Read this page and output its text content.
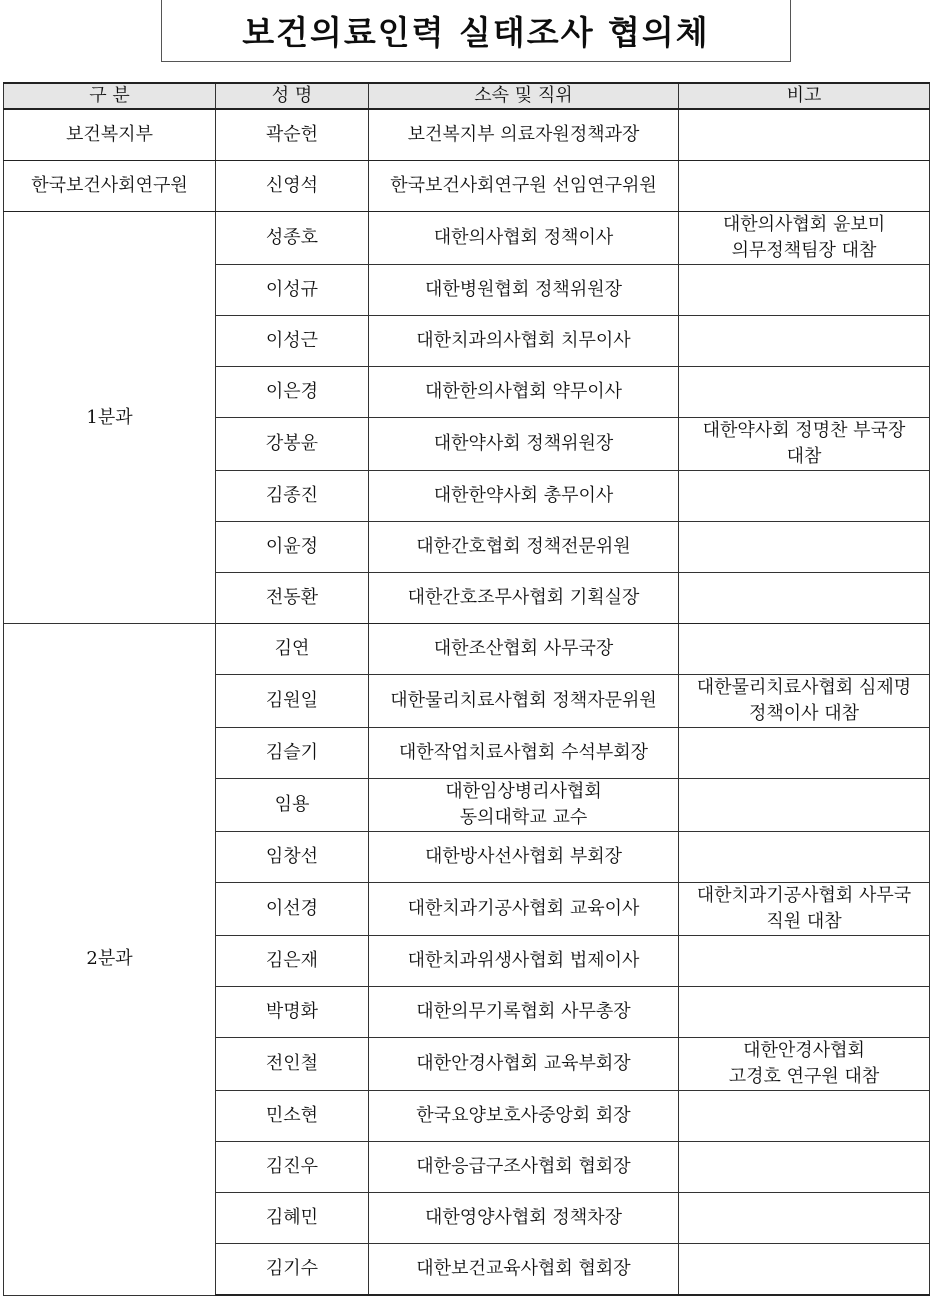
보건의료인력 실태조사 협의체
구 분	성 명	소속 및 직위	비고
보건복지부	곽순헌	보건복지부 의료자원정책과장	

한국보건사회연구원	신영석	한국보건사회연구원 선임연구위원	

1분과	성종호	대한의사협회 정책이사	대한의사협회 윤보미
의무정책팀장 대참

	이성규	대한병원협회 정책위원장	

	이성근	대한치과의사협회 치무이사	

	이은경	대한한의사협회 약무이사	

	강봉윤	대한약사회 정책위원장	대한약사회 정명찬 부국장
대참

	김종진	대한한약사회 총무이사	

	이윤정	대한간호협회 정책전문위원	

	전동환	대한간호조무사협회 기획실장	

2분과	김연	대한조산협회 사무국장	

	김원일	대한물리치료사협회 정책자문위원	대한물리치료사협회 심제명
정책이사 대참

	김슬기	대한작업치료사협회 수석부회장	

	임용	대한임상병리사협회
동의대학교 교수	

	임창선	대한방사선사협회 부회장	

	이선경	대한치과기공사협회 교육이사	대한치과기공사협회 사무국
직원 대참

	김은재	대한치과위생사협회 법제이사	

	박명화	대한의무기록협회 사무총장	

	전인철	대한안경사협회 교육부회장	대한안경사협회
고경호 연구원 대참

	민소현	한국요양보호사중앙회 회장	

	김진우	대한응급구조사협회 협회장	

	김혜민	대한영양사협회 정책차장	

	김기수	대한보건교육사협회 협회장	
